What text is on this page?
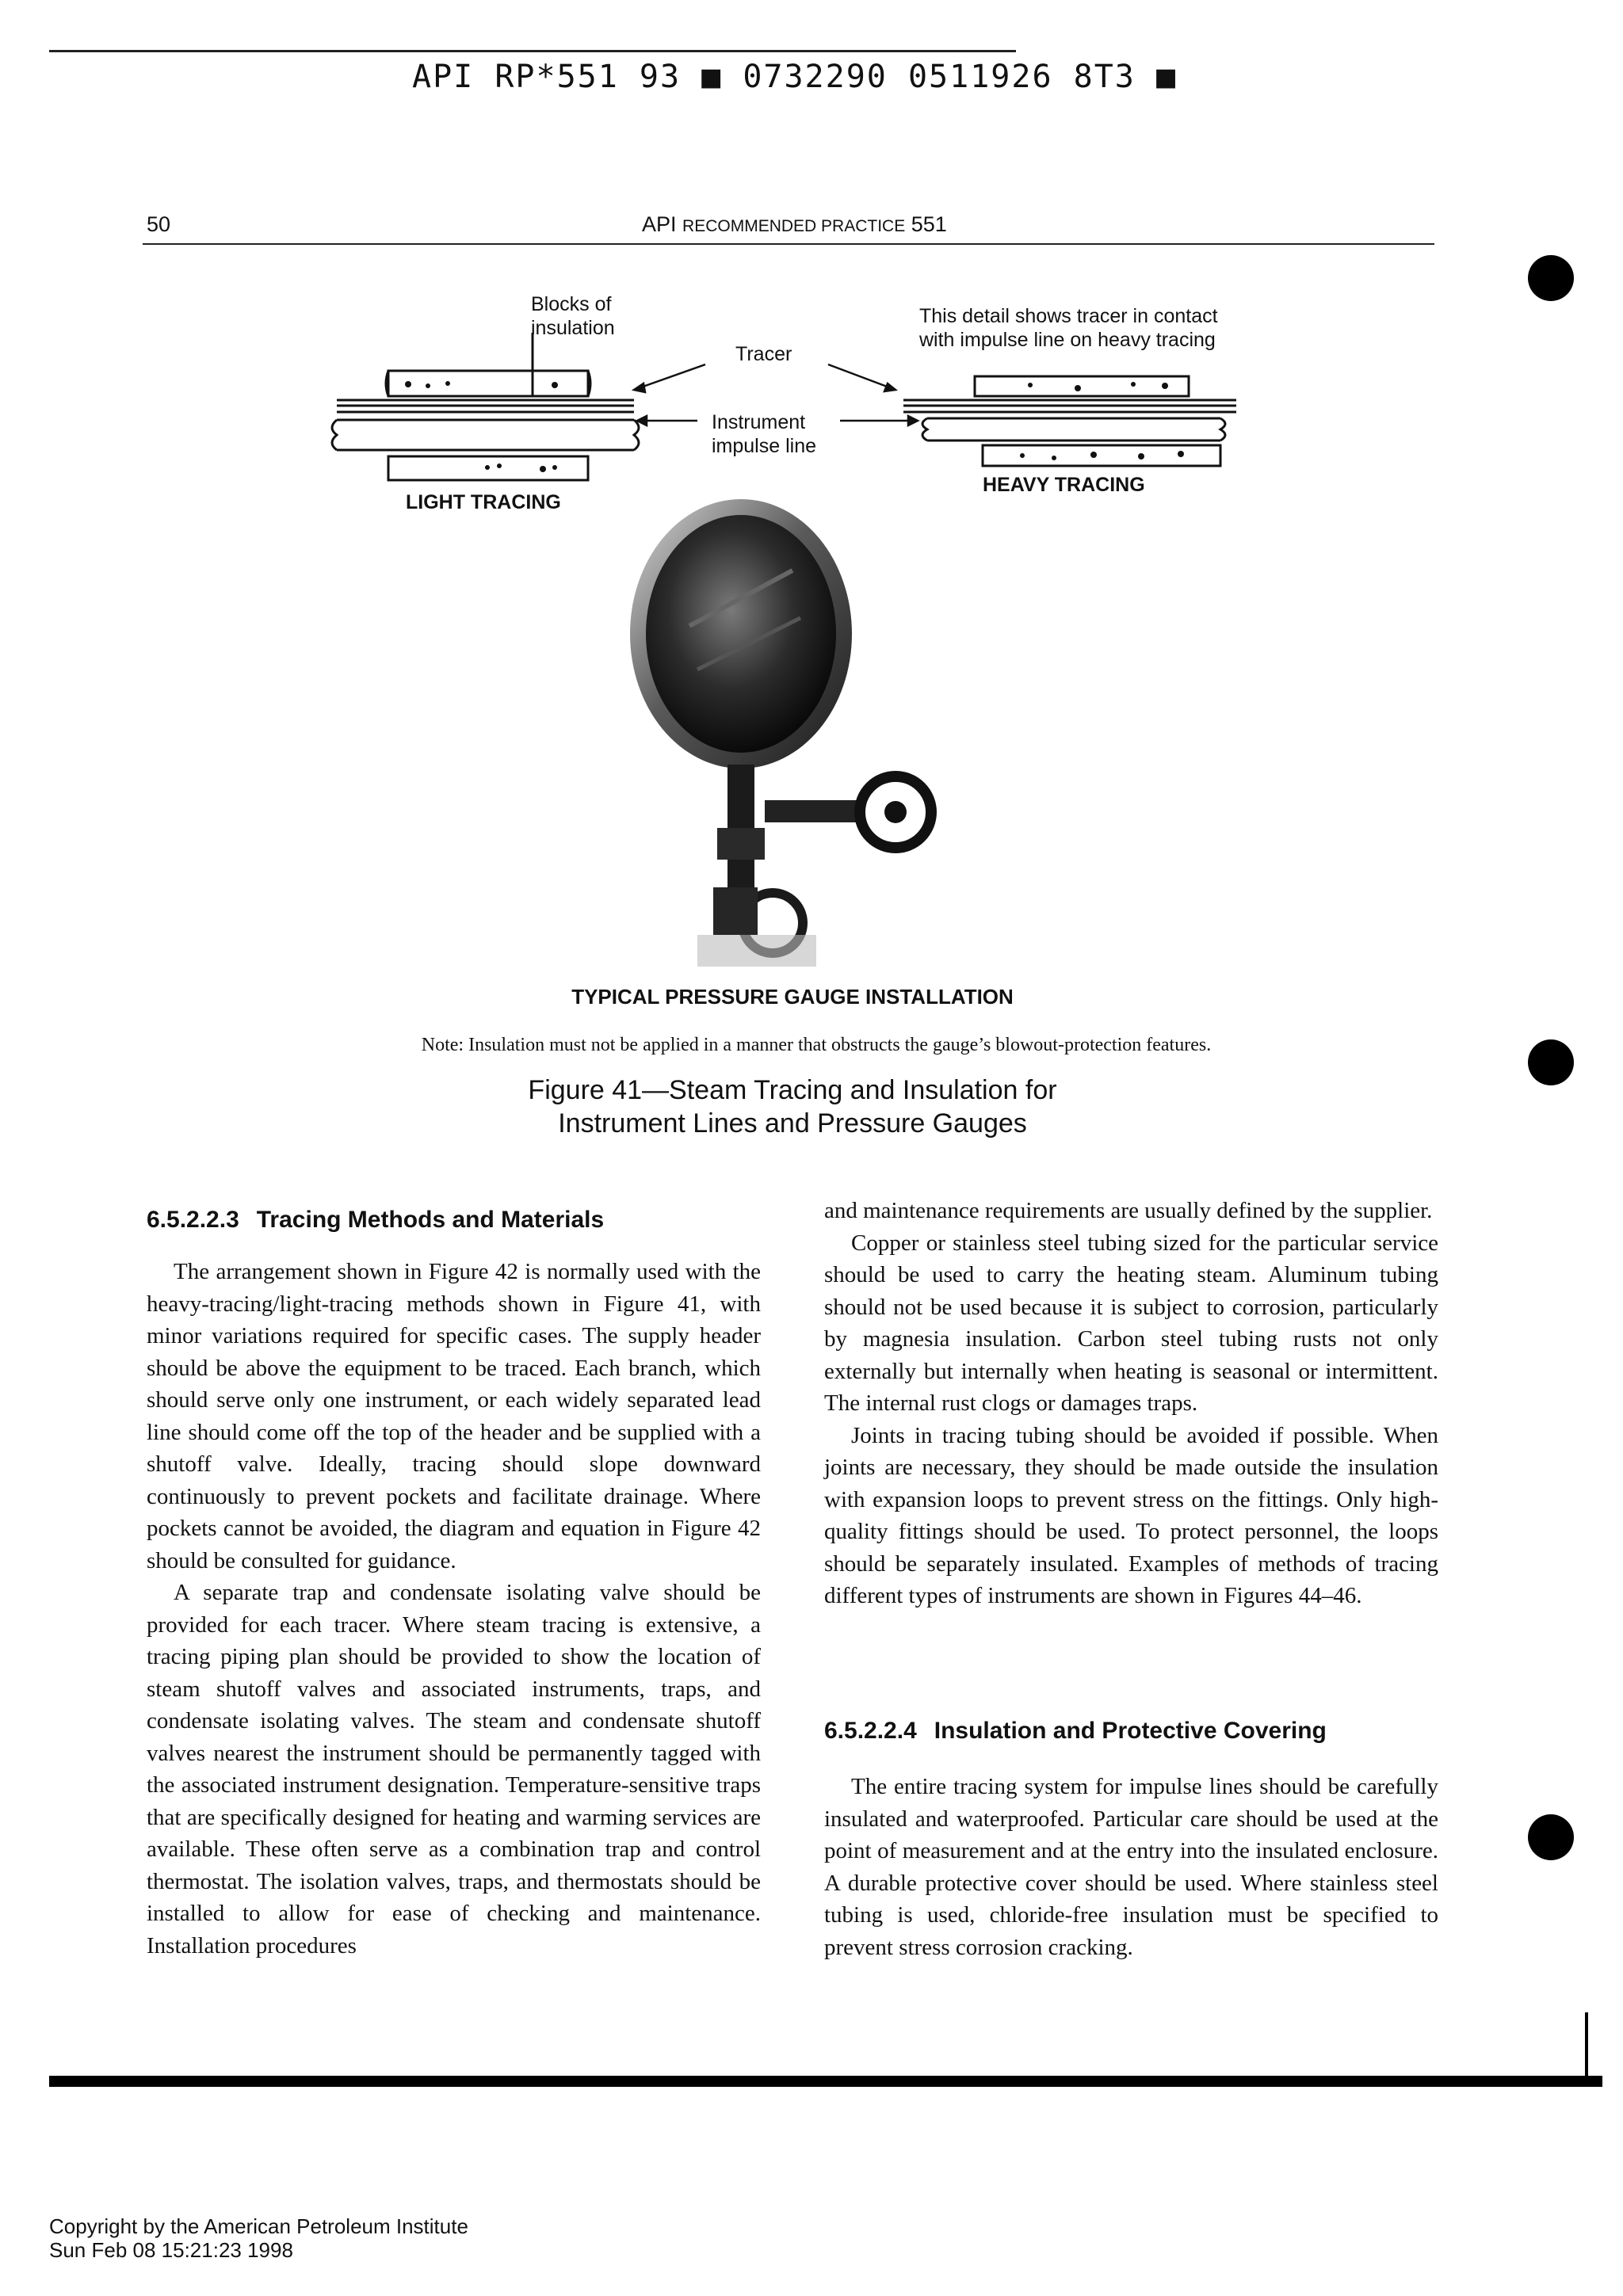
API RP*551 93 ■ 0732290 0511926 8T3 ■
50	API RECOMMENDED PRACTICE 551
Blocks of
insulation
Tracer
This detail shows tracer in contact
with impulse line on heavy tracing
Instrument
impulse line
LIGHT TRACING
HEAVY TRACING
TYPICAL PRESSURE GAUGE INSTALLATION
Note: Insulation must not be applied in a manner that obstructs the gauge’s blowout-protection features.
Figure 41—Steam Tracing and Insulation for
Instrument Lines and Pressure Gauges
6.5.2.2.3 Tracing Methods and Materials

The arrangement shown in Figure 42 is normally used with the heavy-tracing/light-tracing methods shown in Figure 41, with minor variations required for specific cases. The supply header should be above the equipment to be traced. Each branch, which should serve only one instrument, or each widely separated lead line should come off the top of the header and be supplied with a shutoff valve. Ideally, tracing should slope downward continuously to prevent pockets and facilitate drainage. Where pockets cannot be avoided, the diagram and equation in Figure 42 should be consulted for guidance.

A separate trap and condensate isolating valve should be provided for each tracer. Where steam tracing is extensive, a tracing piping plan should be provided to show the location of steam shutoff valves and associated instruments, traps, and condensate isolating valves. The steam and condensate shutoff valves nearest the instrument should be permanently tagged with the associated instrument designation. Temperature-sensitive traps that are specifically designed for heating and warming services are available. These often serve as a combination trap and control thermostat. The isolation valves, traps, and thermostats should be installed to allow for ease of checking and maintenance. Installation procedures

and maintenance requirements are usually defined by the supplier.

Copper or stainless steel tubing sized for the particular service should be used to carry the heating steam. Aluminum tubing should not be used because it is subject to corrosion, particularly by magnesia insulation. Carbon steel tubing rusts not only externally but internally when heating is seasonal or intermittent. The internal rust clogs or damages traps.

Joints in tracing tubing should be avoided if possible. When joints are necessary, they should be made outside the insulation with expansion loops to prevent stress on the fittings. Only high-quality fittings should be used. To protect personnel, the loops should be separately insulated. Examples of methods of tracing different types of instruments are shown in Figures 44–46.

6.5.2.2.4 Insulation and Protective Covering

The entire tracing system for impulse lines should be carefully insulated and waterproofed. Particular care should be used at the point of measurement and at the entry into the insulated enclosure. A durable protective cover should be used. Where stainless steel tubing is used, chloride-free insulation must be specified to prevent stress corrosion cracking.

Copyright by the American Petroleum Institute
Sun Feb 08 15:21:23 1998
